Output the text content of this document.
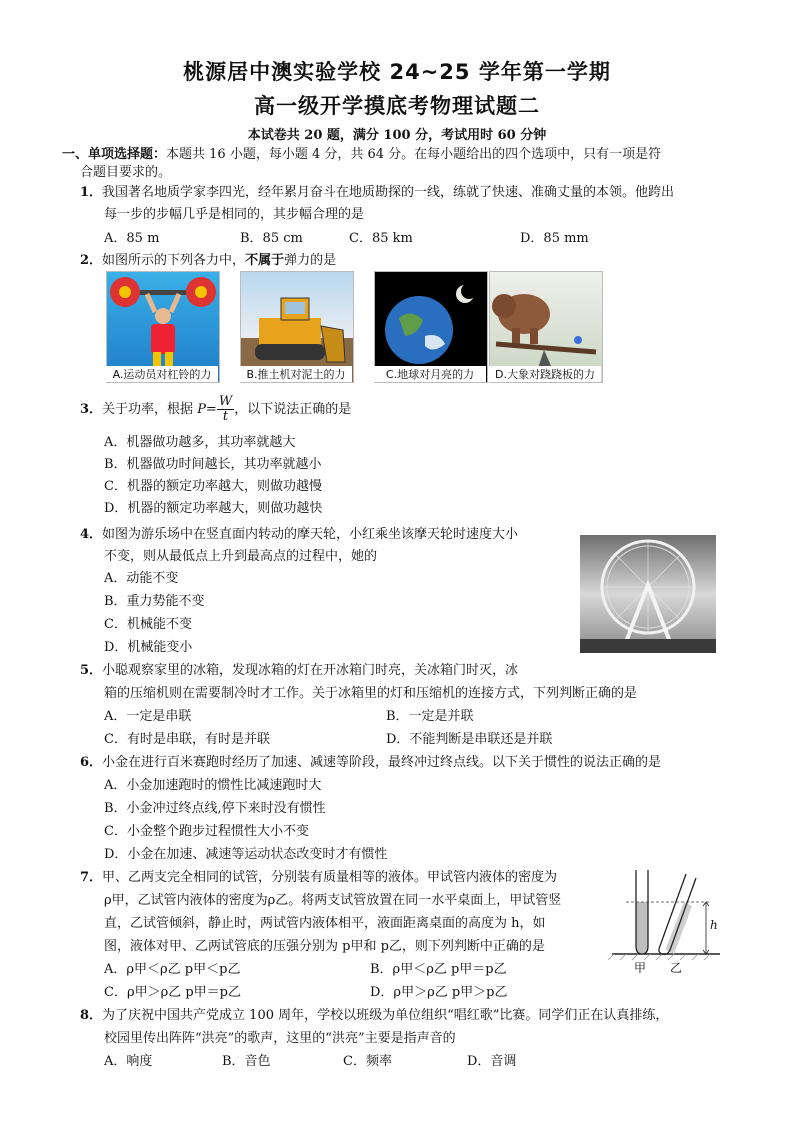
桃源居中澳实验学校 24~25 学年第一学期
高一级开学摸底考物理试题二
本试卷共 20 题，满分 100 分，考试用时 60 分钟
一、单项选择题：本题共 16 小题，每小题 4 分，共 64 分。在每小题给出的四个选项中，只有一项是符
合题目要求的。
1．我国著名地质学家李四光，经年累月奋斗在地质勘探的一线，练就了快速、准确丈量的本领。他跨出
每一步的步幅几乎是相同的，其步幅合理的是
A．85 m	B．85 cm	C．85 km	D．85 mm
2．如图所示的下列各力中，不属于弹力的是
A.运动员对杠铃的力	B.推土机对泥土的力	C.地球对月亮的力	D.大象对跷跷板的力
3．关于功率，根据 $P= \frac{W}{t}$ ，以下说法正确的是
A．机器做功越多，其功率就越大
B．机器做功时间越长，其功率就越小
C．机器的额定功率越大，则做功越慢
D．机器的额定功率越大，则做功越快
4．如图为游乐场中在竖直面内转动的摩天轮，小红乘坐该摩天轮时速度大小
不变，则从最低点上升到最高点的过程中，她的
A．动能不变
B．重力势能不变
C．机械能不变
D．机械能变小
5．小聪观察家里的冰箱，发现冰箱的灯在开冰箱门时亮，关冰箱门时灭，冰
箱的压缩机则在需要制冷时才工作。关于冰箱里的灯和压缩机的连接方式，下列判断正确的是
A．一定是串联	B．一定是并联
C．有时是串联，有时是并联	D．不能判断是串联还是并联
6．小金在进行百米赛跑时经历了加速、减速等阶段，最终冲过终点线。以下关于惯性的说法正确的是
A．小金加速跑时的惯性比减速跑时大
B．小金冲过终点线,停下来时没有惯性
C．小金整个跑步过程惯性大小不变
D．小金在加速、减速等运动状态改变时才有惯性
7．甲、乙两支完全相同的试管，分别装有质量相等的液体。甲试管内液体的密度为
ρ甲，乙试管内液体的密度为ρ乙。将两支试管放置在同一水平桌面上，甲试管竖
直，乙试管倾斜，静止时，两试管内液体相平，液面距离桌面的高度为 h，如
图，液体对甲、乙两试管底的压强分别为 p甲和 p乙，则下列判断中正确的是
A．ρ甲＜ρ乙 p甲＜p乙	B．ρ甲＜ρ乙 p甲＝p乙
C．ρ甲＞ρ乙 p甲＝p乙	D．ρ甲＞ρ乙 p甲＞p乙
h
甲 乙
8．为了庆祝中国共产党成立 100 周年，学校以班级为单位组织“唱红歌”比赛。同学们正在认真排练，
校园里传出阵阵“洪亮”的歌声，这里的“洪亮”主要是指声音的
A．响度	B．音色	C．频率	D．音调
